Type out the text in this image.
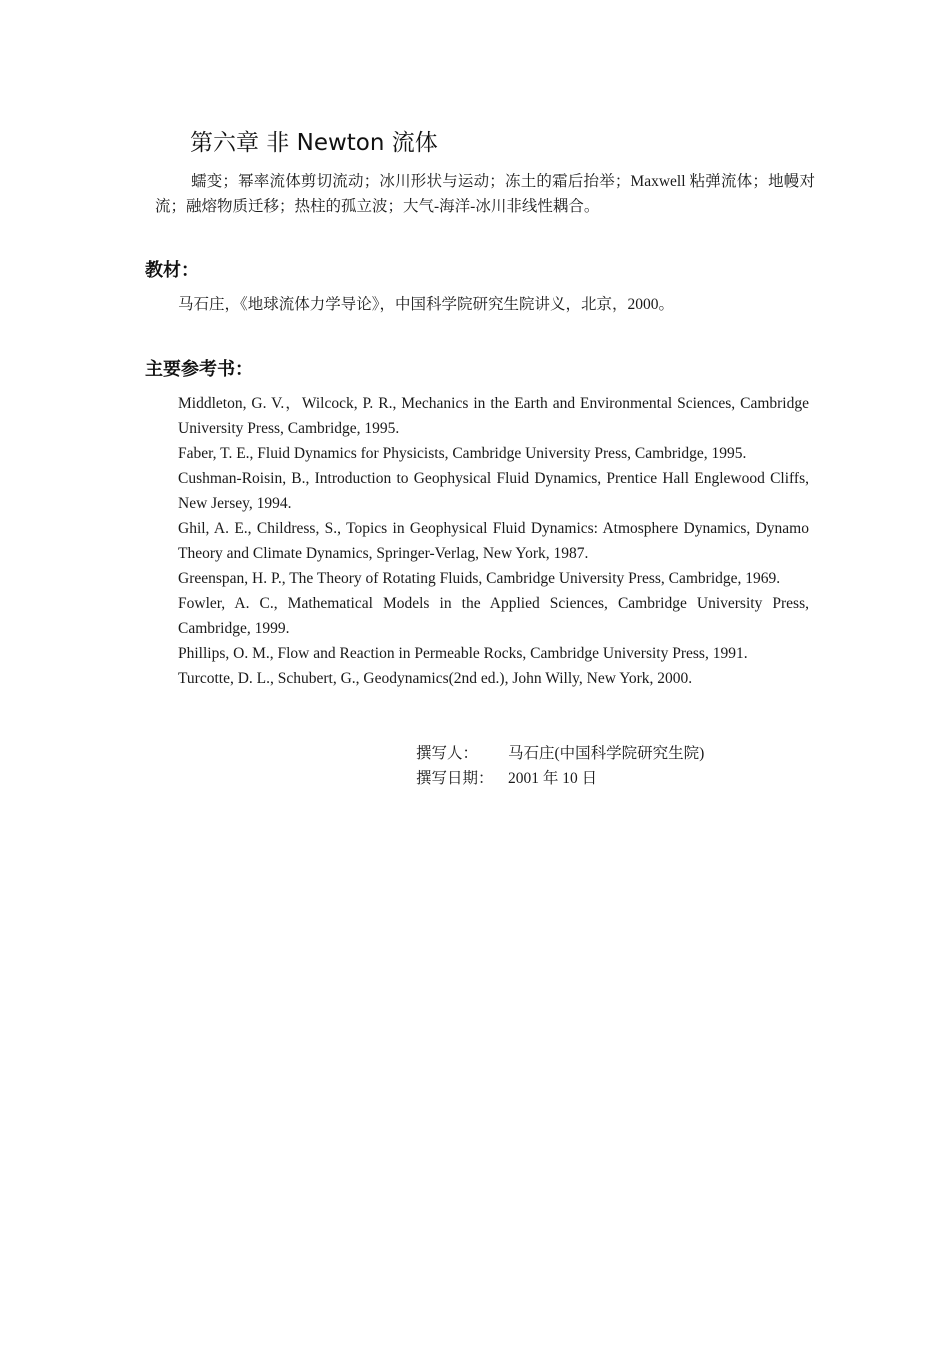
第六章 非 Newton 流体

蠕变；幂率流体剪切流动；冰川形状与运动；冻土的霜后抬举；Maxwell 粘弹流体；地幔对流；融熔物质迁移；热柱的孤立波；大气-海洋-冰川非线性耦合。

教材：

马石庄，《地球流体力学导论》，中国科学院研究生院讲义，北京，2000。

主要参考书：
Middleton, G. V.，Wilcock, P. R., Mechanics in the Earth and Environmental Sciences, Cambridge University Press, Cambridge, 1995.
Faber, T. E., Fluid Dynamics for Physicists, Cambridge University Press, Cambridge, 1995.
Cushman-Roisin, B., Introduction to Geophysical Fluid Dynamics, Prentice Hall Englewood Cliffs, New Jersey, 1994.
Ghil, A. E., Childress, S., Topics in Geophysical Fluid Dynamics: Atmosphere Dynamics, Dynamo Theory and Climate Dynamics, Springer-Verlag, New York, 1987.
Greenspan, H. P., The Theory of Rotating Fluids, Cambridge University Press, Cambridge, 1969.
Fowler, A. C., Mathematical Models in the Applied Sciences, Cambridge University Press, Cambridge, 1999.
Phillips, O. M., Flow and Reaction in Permeable Rocks, Cambridge University Press, 1991.
Turcotte, D. L., Schubert, G., Geodynamics(2nd ed.), John Willy, New York, 2000.
撰写人： 马石庄(中国科学院研究生院)
撰写日期： 2001 年 10 日
